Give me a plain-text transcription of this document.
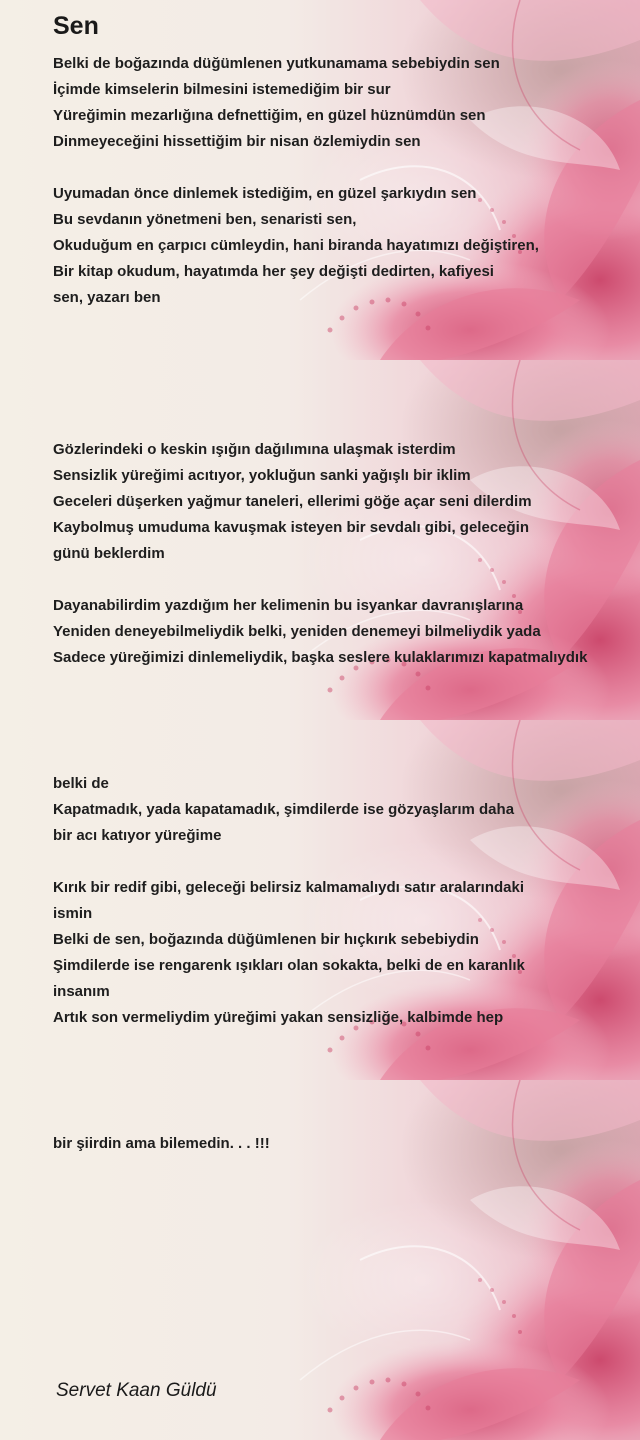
Sen
Belki de boğazında düğümlenen yutkunamama sebebiydin sen
İçimde kimselerin bilmesini istemediğim bir sur
Yüreğimin mezarlığına defnettiğim, en güzel hüznümdün sen
Dinmeyeceğini hissettiğim bir nisan özlemiydin sen
Uyumadan önce dinlemek istediğim, en güzel şarkıydın sen
Bu sevdanın yönetmeni ben, senaristi sen,
Okuduğum en çarpıcı cümleydin, hani biranda hayatımızı değiştiren,
Bir kitap okudum, hayatımda her şey değişti dedirten, kafiyesi
sen, yazarı ben
Gözlerindeki o keskin ışığın dağılımına ulaşmak isterdim
Sensizlik yüreğimi acıtıyor, yokluğun sanki yağışlı bir iklim
Geceleri düşerken yağmur taneleri, ellerimi göğe açar seni dilerdim
Kaybolmuş umuduma kavuşmak isteyen bir sevdalı gibi, geleceğin
günü beklerdim
Dayanabilirdim yazdığım her kelimenin bu isyankar davranışlarına
Yeniden deneyebilmeliydik belki, yeniden denemeyi bilmeliydik yada
Sadece yüreğimizi dinlemeliydik, başka seslere kulaklarımızı kapatmalıydık
belki de
Kapatmadık, yada kapatamadık, şimdilerde ise gözyaşlarım daha
bir acı katıyor yüreğime
Kırık bir redif gibi, geleceği belirsiz kalmamalıydı satır aralarındaki
ismin
Belki de sen, boğazında düğümlenen bir hıçkırık sebebiydin
Şimdilerde ise rengarenk ışıkları olan sokakta, belki de en karanlık
insanım
Artık son vermeliydim yüreğimi yakan sensizliğe, kalbimde hep
bir şiirdin ama bilemedin. . . !!!
Servet Kaan Güldü
